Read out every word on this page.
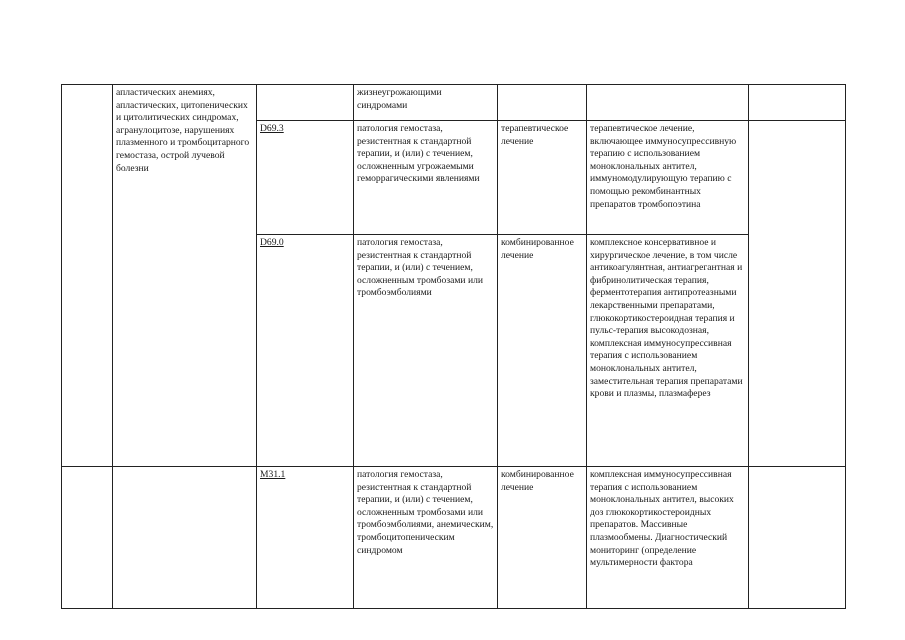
	апластических анемиях, апластических, цитопенических и цитолитических синдромах, агранулоцитозе, нарушениях плазменного и тромбоцитарного гемостаза, острой лучевой болезни		жизнеугрожающими синдромами			
		D69.3	патология гемостаза, резистентная к стандартной терапии, и (или) с течением, осложненным угрожаемыми геморрагическими явлениями	терапевтическое лечение	терапевтическое лечение, включающее иммуносупрессивную терапию с использованием моноклональных антител, иммуномодулирующую терапию с помощью рекомбинантных препаратов тромбопоэтина	
		D69.0	патология гемостаза, резистентная к стандартной терапии, и (или) с течением, осложненным тромбозами или тромбоэмболиями	комбинированное лечение	комплексное консервативное и хирургическое лечение, в том числе антикоагулянтная, антиагрегантная и фибринолитическая терапия, ферментотерапия антипротеазными лекарственными препаратами, глюкокортикостероидная терапия и пульс-терапия высокодозная, комплексная иммуносупрессивная терапия с использованием моноклональных антител, заместительная терапия препаратами крови и плазмы, плазмаферез	
		M31.1	патология гемостаза, резистентная к стандартной терапии, и (или) с течением, осложненным тромбозами или тромбоэмболиями, анемическим, тромбоцитопеническим синдромом	комбинированное лечение	комплексная иммуносупрессивная терапия с использованием моноклональных антител, высоких доз глюкокортикостероидных препаратов. Массивные плазмообмены. Диагностический мониторинг (определение мультимерности фактора	
